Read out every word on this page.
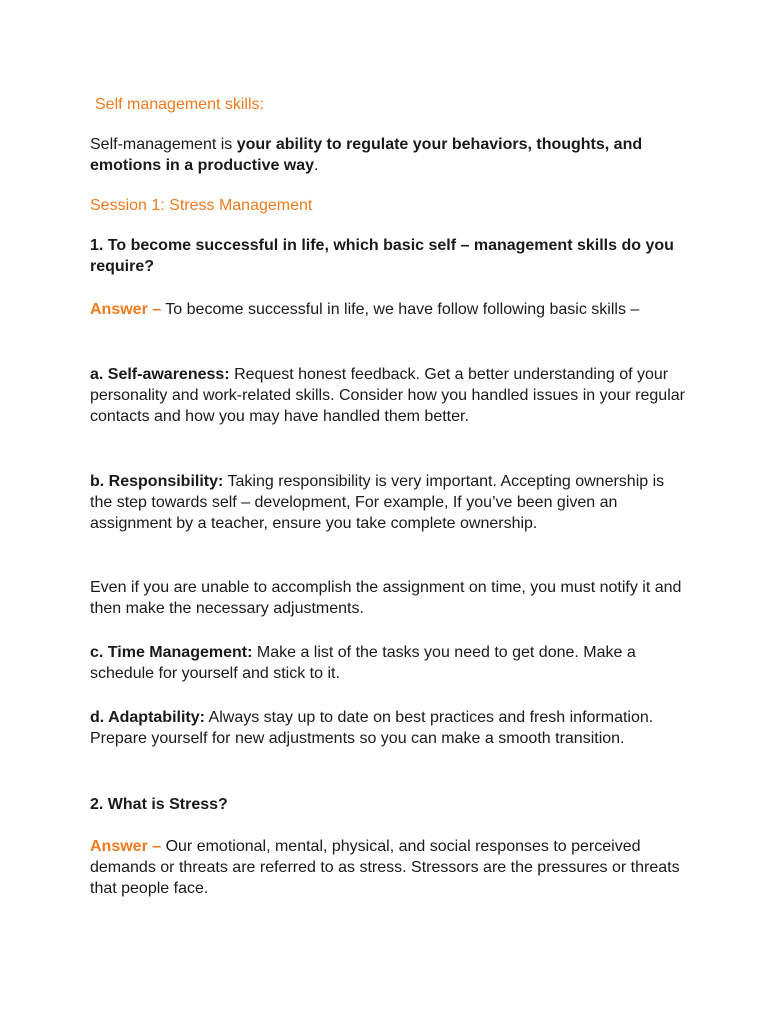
Self management skills:

Self-management is your ability to regulate your behaviors, thoughts, and emotions in a productive way.

Session 1: Stress Management

1. To become successful in life, which basic self – management skills do you require?

Answer – To become successful in life, we have follow following basic skills –

a. Self-awareness: Request honest feedback. Get a better understanding of your personality and work-related skills. Consider how you handled issues in your regular contacts and how you may have handled them better.

b. Responsibility: Taking responsibility is very important. Accepting ownership is the step towards self – development, For example, If you’ve been given an assignment by a teacher, ensure you take complete ownership.

Even if you are unable to accomplish the assignment on time, you must notify it and then make the necessary adjustments.

c. Time Management: Make a list of the tasks you need to get done. Make a schedule for yourself and stick to it.

d. Adaptability: Always stay up to date on best practices and fresh information. Prepare yourself for new adjustments so you can make a smooth transition.

2. What is Stress?

Answer – Our emotional, mental, physical, and social responses to perceived demands or threats are referred to as stress. Stressors are the pressures or threats that people face.
